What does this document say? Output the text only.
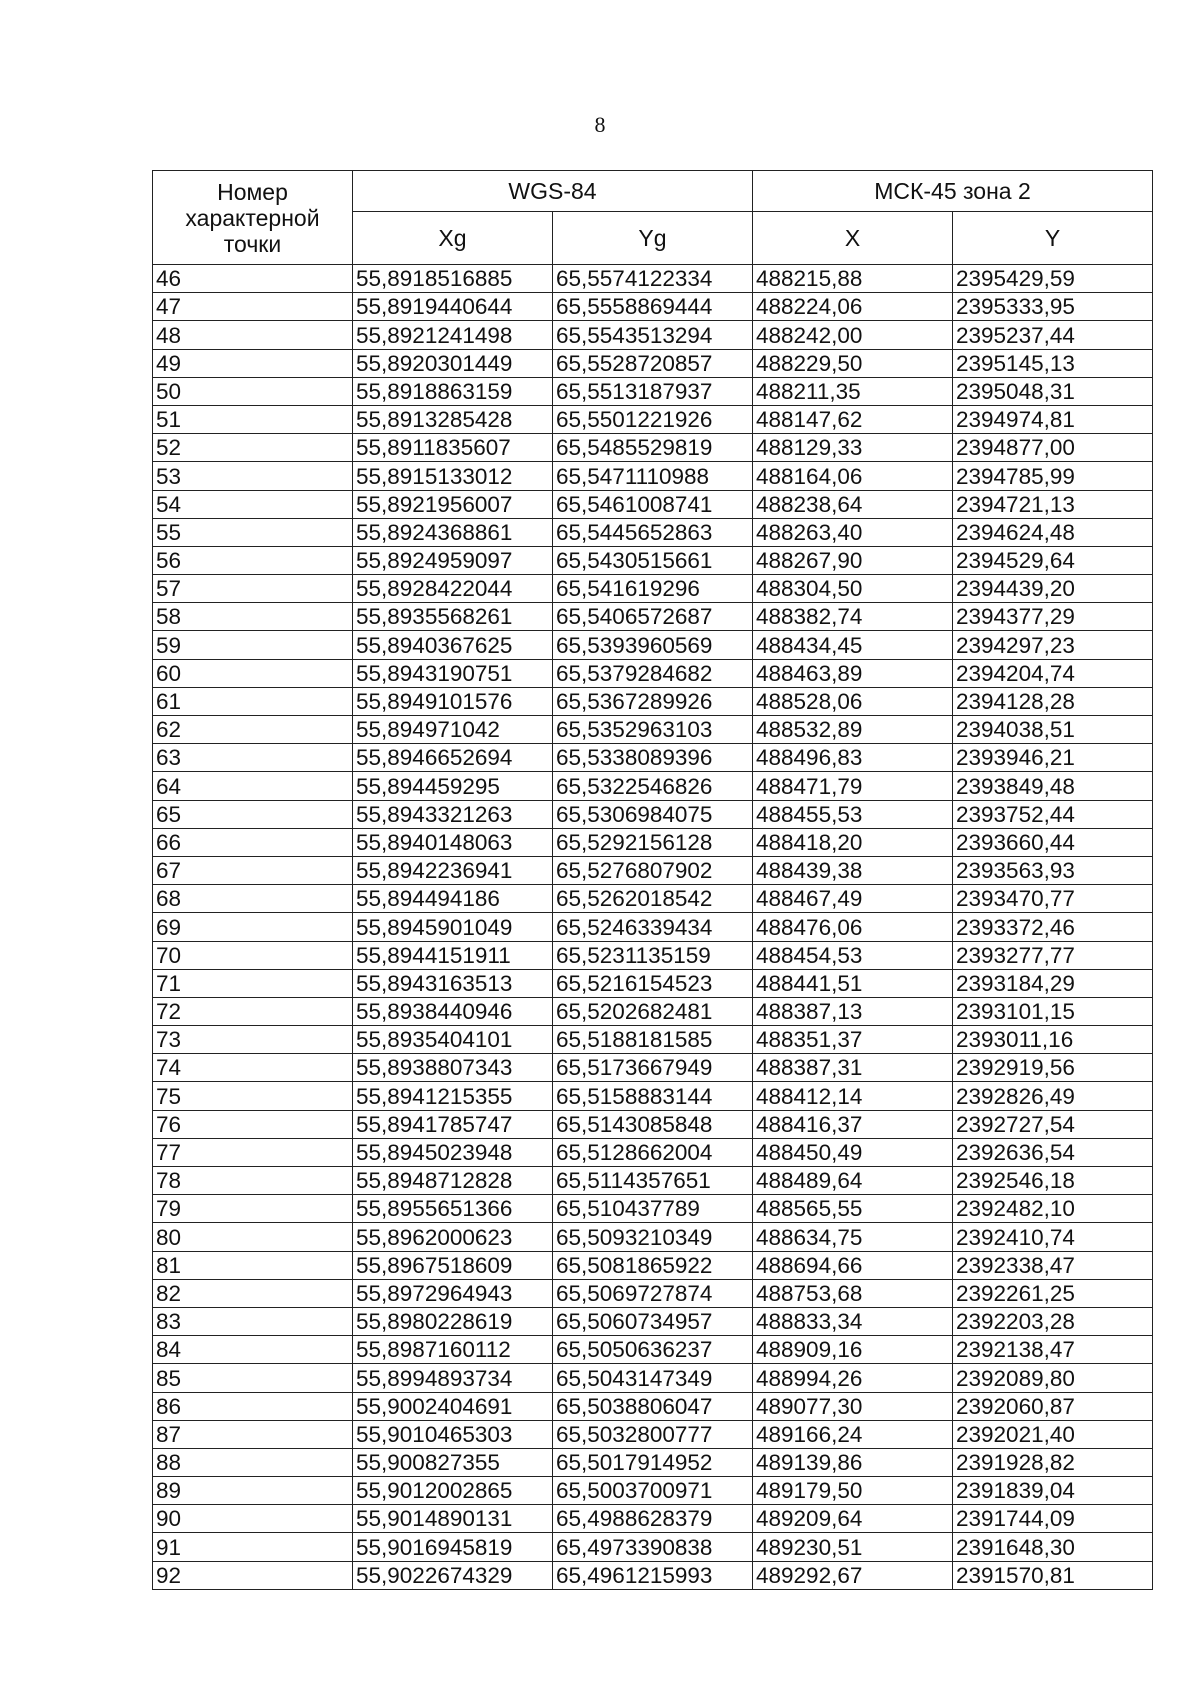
8
Номер
характерной
точки	WGS-84		МСК-45 зона 2	
	Xg	Yg	X	Y
46	55,8918516885	65,5574122334	488215,88	2395429,59
47	55,8919440644	65,5558869444	488224,06	2395333,95
48	55,8921241498	65,5543513294	488242,00	2395237,44
49	55,8920301449	65,5528720857	488229,50	2395145,13
50	55,8918863159	65,5513187937	488211,35	2395048,31
51	55,8913285428	65,5501221926	488147,62	2394974,81
52	55,8911835607	65,5485529819	488129,33	2394877,00
53	55,8915133012	65,5471110988	488164,06	2394785,99
54	55,8921956007	65,5461008741	488238,64	2394721,13
55	55,8924368861	65,5445652863	488263,40	2394624,48
56	55,8924959097	65,5430515661	488267,90	2394529,64
57	55,8928422044	65,541619296	488304,50	2394439,20
58	55,8935568261	65,5406572687	488382,74	2394377,29
59	55,8940367625	65,5393960569	488434,45	2394297,23
60	55,8943190751	65,5379284682	488463,89	2394204,74
61	55,8949101576	65,5367289926	488528,06	2394128,28
62	55,894971042	65,5352963103	488532,89	2394038,51
63	55,8946652694	65,5338089396	488496,83	2393946,21
64	55,894459295	65,5322546826	488471,79	2393849,48
65	55,8943321263	65,5306984075	488455,53	2393752,44
66	55,8940148063	65,5292156128	488418,20	2393660,44
67	55,8942236941	65,5276807902	488439,38	2393563,93
68	55,894494186	65,5262018542	488467,49	2393470,77
69	55,8945901049	65,5246339434	488476,06	2393372,46
70	55,8944151911	65,5231135159	488454,53	2393277,77
71	55,8943163513	65,5216154523	488441,51	2393184,29
72	55,8938440946	65,5202682481	488387,13	2393101,15
73	55,8935404101	65,5188181585	488351,37	2393011,16
74	55,8938807343	65,5173667949	488387,31	2392919,56
75	55,8941215355	65,5158883144	488412,14	2392826,49
76	55,8941785747	65,5143085848	488416,37	2392727,54
77	55,8945023948	65,5128662004	488450,49	2392636,54
78	55,8948712828	65,5114357651	488489,64	2392546,18
79	55,8955651366	65,510437789	488565,55	2392482,10
80	55,8962000623	65,5093210349	488634,75	2392410,74
81	55,8967518609	65,5081865922	488694,66	2392338,47
82	55,8972964943	65,5069727874	488753,68	2392261,25
83	55,8980228619	65,5060734957	488833,34	2392203,28
84	55,8987160112	65,5050636237	488909,16	2392138,47
85	55,8994893734	65,5043147349	488994,26	2392089,80
86	55,9002404691	65,5038806047	489077,30	2392060,87
87	55,9010465303	65,5032800777	489166,24	2392021,40
88	55,900827355	65,5017914952	489139,86	2391928,82
89	55,9012002865	65,5003700971	489179,50	2391839,04
90	55,9014890131	65,4988628379	489209,64	2391744,09
91	55,9016945819	65,4973390838	489230,51	2391648,30
92	55,9022674329	65,4961215993	489292,67	2391570,81
